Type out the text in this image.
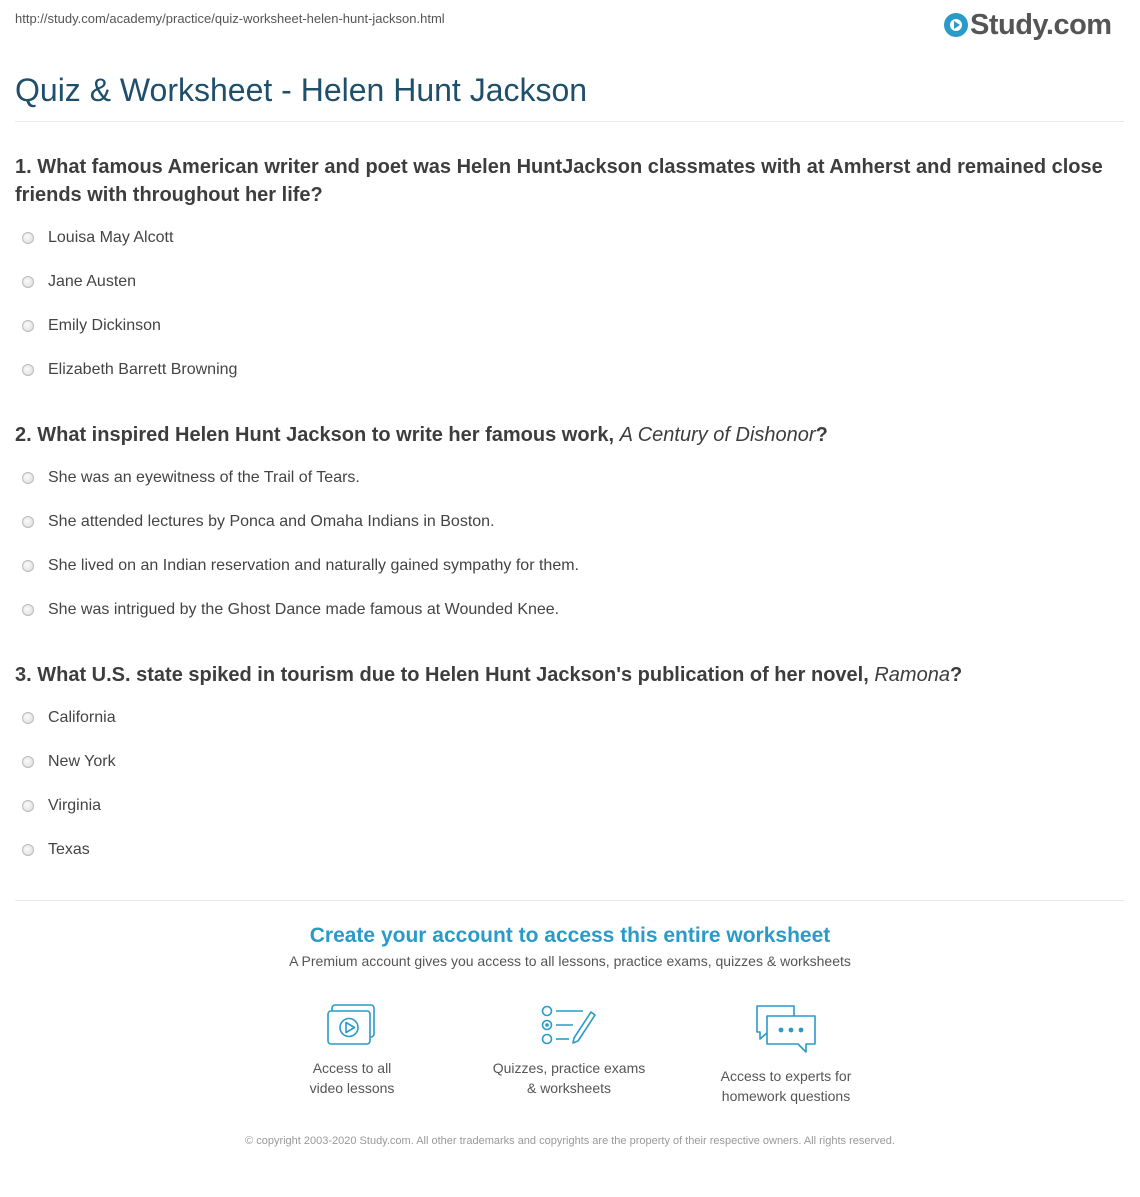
http://study.com/academy/practice/quiz-worksheet-helen-hunt-jackson.html	Study.com
Quiz & Worksheet - Helen Hunt Jackson
1. What famous American writer and poet was Helen HuntJackson classmates with at Amherst and remained close friends with throughout her life?
Louisa May Alcott
Jane Austen
Emily Dickinson
Elizabeth Barrett Browning
2. What inspired Helen Hunt Jackson to write her famous work, A Century of Dishonor?
She was an eyewitness of the Trail of Tears.
She attended lectures by Ponca and Omaha Indians in Boston.
She lived on an Indian reservation and naturally gained sympathy for them.
She was intrigued by the Ghost Dance made famous at Wounded Knee.
3. What U.S. state spiked in tourism due to Helen Hunt Jackson's publication of her novel, Ramona?
California
New York
Virginia
Texas
Create your account to access this entire worksheet
A Premium account gives you access to all lessons, practice exams, quizzes & worksheets
Access to all
video lessons
Quizzes, practice exams
& worksheets
Access to experts for
homework questions
© copyright 2003-2020 Study.com. All other trademarks and copyrights are the property of their respective owners. All rights reserved.
